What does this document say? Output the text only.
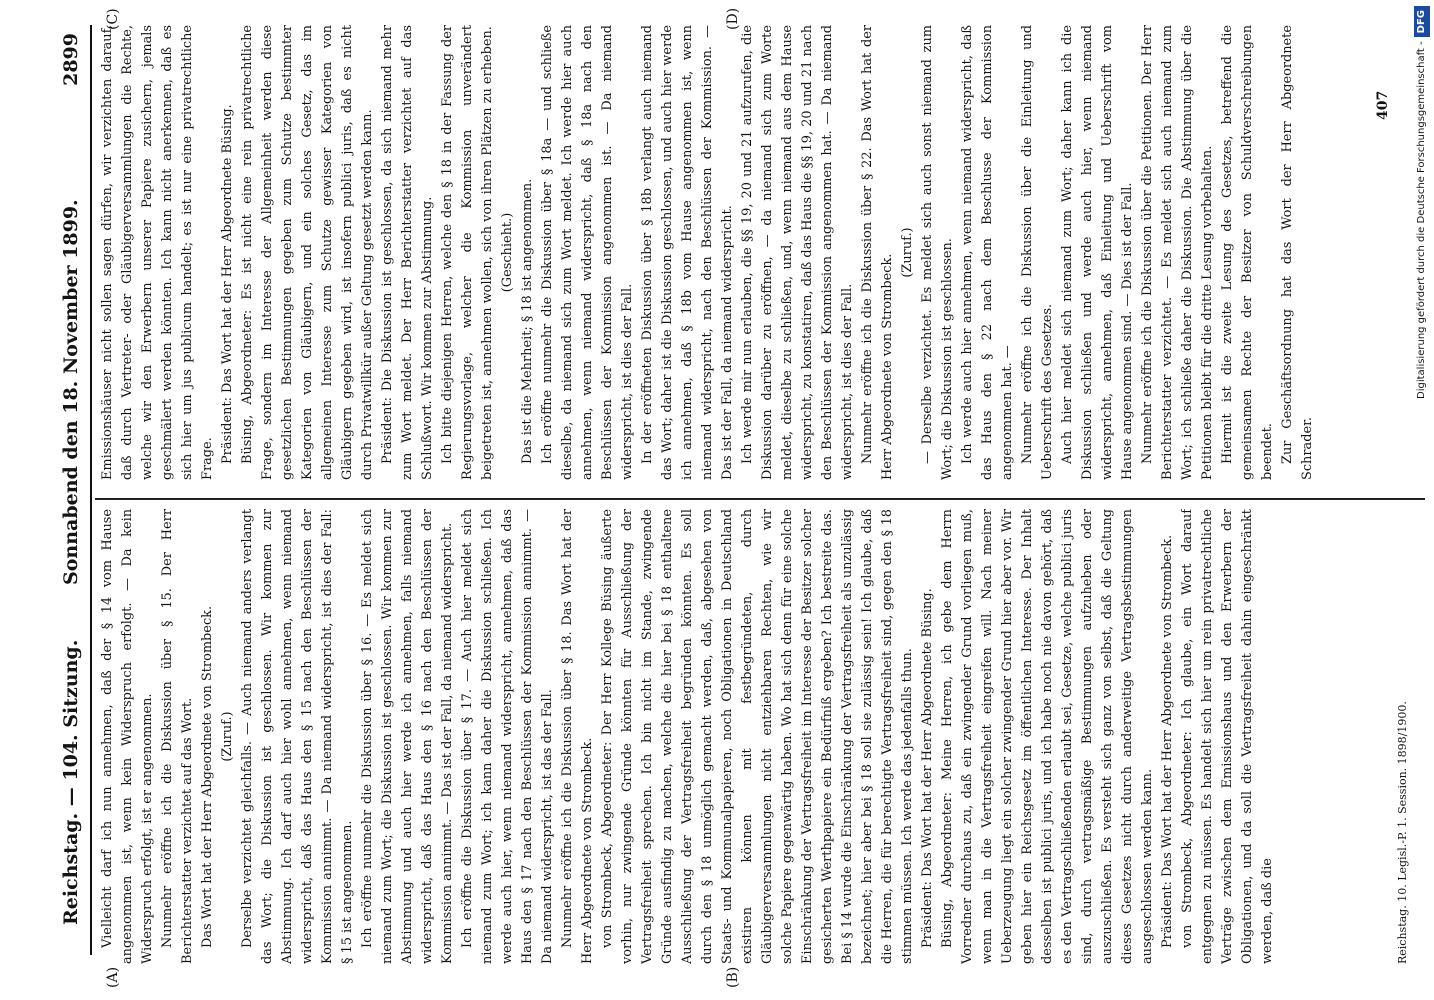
Reichstag. — 104. Sitzung.
Sonnabend den 18. November 1899.
2899
(A)	(B)
(C)	(D)

Vielleicht darf ich nun annehmen, daß der § 14 vom Hause angenommen ist, wenn kein Widerspruch erfolgt. — Da kein Widerspruch erfolgt, ist er angenommen. Nunmehr eröffne ich die Diskussion über § 15. Der Herr Berichterstatter verzichtet auf das Wort. Das Wort hat der Herr Abgeordnete von Strombeck. (Zuruf.) Derselbe verzichtet gleichfalls. — Auch niemand anders verlangt das Wort; die Diskussion ist geschlossen. Wir kommen zur Abstimmung. Ich darf auch hier wohl annehmen, wenn niemand widerspricht, daß das Haus den § 15 nach den Beschlüssen der Kommission annimmt. — Da niemand widerspricht, ist dies der Fall: § 15 ist angenommen. Ich eröffne nunmehr die Diskussion über § 16. — Es meldet sich niemand zum Wort; die Diskussion ist geschlossen. Wir kommen zur Abstimmung und auch hier werde ich annehmen, falls niemand widerspricht, daß das Haus den § 16 nach den Beschlüssen der Kommission annimmt. — Das ist der Fall, da niemand widerspricht. Ich eröffne die Diskussion über § 17. — Auch hier meldet sich niemand zum Wort; ich kann daher die Diskussion schließen. Ich werde auch hier, wenn niemand widerspricht, annehmen, daß das Haus den § 17 nach den Beschlüssen der Kommission annimmt. — Da niemand widerspricht, ist das der Fall. Nunmehr eröffne ich die Diskussion über § 18. Das Wort hat der Herr Abgeordnete von Strombeck. von Strombeck, Abgeordneter: Der Herr Kollege Büsing äußerte vorhin, nur zwingende Gründe könnten für Ausschließung der Vertragsfreiheit sprechen. Ich bin nicht im Stande, zwingende Gründe ausfindig zu machen, welche die hier bei § 18 enthaltene Ausschließung der Vertragsfreiheit begründen könnten. Es soll durch den § 18 unmöglich gemacht werden, daß, abgesehen von Staats- und Kommunalpapieren, noch Obligationen in Deutschland existiren können mit festbegründeten, durch Gläubigerversammlungen nicht entziehbaren Rechten, wie wir solche Papiere gegenwärtig haben. Wo hat sich denn für eine solche Einschränkung der Vertragsfreiheit im Interesse der Besitzer solcher gesicherten Werthpapiere ein Bedürfniß ergeben? Ich bestreite das. Bei § 14 wurde die Einschränkung der Vertragsfreiheit als unzulässig bezeichnet; hier aber bei § 18 soll sie zulässig sein! Ich glaube, daß die Herren, die für berechtigte Vertragsfreiheit sind, gegen den § 18 stimmen müssen. Ich werde das jedenfalls thun. Präsident: Das Wort hat der Herr Abgeordnete Büsing. Büsing, Abgeordneter: Meine Herren, ich gebe dem Herrn Vorredner durchaus zu, daß ein zwingender Grund vorliegen muß, wenn man in die Vertragsfreiheit eingreifen will. Nach meiner Ueberzeugung liegt ein solcher zwingender Grund hier aber vor. Wir geben hier ein Reichsgesetz im öffentlichen Interesse. Der Inhalt desselben ist publici juris, und ich habe noch nie davon gehört, daß es den Vertragschließenden erlaubt sei, Gesetze, welche publici juris sind, durch vertragsmäßige Bestimmungen aufzuheben oder auszuschließen. Es versteht sich ganz von selbst, daß die Geltung dieses Gesetzes nicht durch anderweitige Vertragsbestimmungen ausgeschlossen werden kann. Präsident: Das Wort hat der Herr Abgeordnete von Strombeck. von Strombeck, Abgeordneter: Ich glaube, ein Wort darauf entgegnen zu müssen. Es handelt sich hier um rein privatrechtliche Verträge zwischen dem Emissionshaus und den Erwerbern der Obligationen, und da soll die Vertragsfreiheit dahin eingeschränkt werden, daß die

Emissionshäuser nicht sollen sagen dürfen, wir verzichten darauf, daß durch Vertreter- oder Gläubigerversammlungen die Rechte, welche wir den Erwerbern unserer Papiere zusichern, jemals geschmälert werden könnten. Ich kann nicht anerkennen, daß es sich hier um jus publicum handelt; es ist nur eine privatrechtliche Frage. Präsident: Das Wort hat der Herr Abgeordnete Büsing. Büsing, Abgeordneter: Es ist nicht eine rein privatrechtliche Frage, sondern im Interesse der Allgemeinheit werden diese gesetzlichen Bestimmungen gegeben zum Schutze bestimmter Kategorien von Gläubigern, und ein solches Gesetz, das im allgemeinen Interesse zum Schutze gewisser Kategorien von Gläubigern gegeben wird, ist insofern publici juris, daß es nicht durch Privatwillkür außer Geltung gesetzt werden kann. Präsident: Die Diskussion ist geschlossen, da sich niemand mehr zum Wort meldet. Der Herr Berichterstatter verzichtet auf das Schlußwort. Wir kommen zur Abstimmung. Ich bitte diejenigen Herren, welche den § 18 in der Fassung der Regierungsvorlage, welcher die Kommission unverändert beigetreten ist, annehmen wollen, sich von ihren Plätzen zu erheben. (Geschieht.) Das ist die Mehrheit; § 18 ist angenommen. Ich eröffne nunmehr die Diskussion über § 18a — und schließe dieselbe, da niemand sich zum Wort meldet. Ich werde hier auch annehmen, wenn niemand widerspricht, daß § 18a nach den Beschlüssen der Kommission angenommen ist. — Da niemand widerspricht, ist dies der Fall. In der eröffneten Diskussion über § 18b verlangt auch niemand das Wort; daher ist die Diskussion geschlossen, und auch hier werde ich annehmen, daß § 18b vom Hause angenommen ist, wenn niemand widerspricht, nach den Beschlüssen der Kommission. — Das ist der Fall, da niemand widerspricht. Ich werde mir nun erlauben, die §§ 19, 20 und 21 aufzurufen, die Diskussion darüber zu eröffnen, — da niemand sich zum Worte meldet, dieselbe zu schließen, und, wenn niemand aus dem Hause widerspricht, zu konstatiren, daß das Haus die §§ 19, 20 und 21 nach den Beschlüssen der Kommission angenommen hat. — Da niemand widerspricht, ist dies der Fall. Nunmehr eröffne ich die Diskussion über § 22. Das Wort hat der Herr Abgeordnete von Strombeck.

(Zuruf.) — Derselbe verzichtet. Es meldet sich auch sonst niemand zum Wort; die Diskussion ist geschlossen. Ich werde auch hier annehmen, wenn niemand widerspricht, daß das Haus den § 22 nach dem Beschlusse der Kommission angenommen hat. — Nunmehr eröffne ich die Diskussion über die Einleitung und Ueberschrift des Gesetzes. Auch hier meldet sich niemand zum Wort; daher kann ich die Diskussion schließen und werde auch hier, wenn niemand widerspricht, annehmen, daß Einleitung und Ueberschrift vom Hause angenommen sind. — Dies ist der Fall. Nunmehr eröffne ich die Diskussion über die Petitionen. Der Herr Berichterstatter verzichtet. — Es meldet sich auch niemand zum Wort; ich schließe daher die Diskussion. Die Abstimmung über die Petitionen bleibt für die dritte Lesung vorbehalten. Hiermit ist die zweite Lesung des Gesetzes, betreffend die gemeinsamen Rechte der Besitzer von Schuldverschreibungen beendet. Zur Geschäftsordnung hat das Wort der Herr Abgeordnete Schrader.

Reichstag. 10. Legisl.-P. 1. Session. 1898/1900.
407	Digitalisierung gefördert durch die Deutsche Forschungsgemeinschaft -DFG
